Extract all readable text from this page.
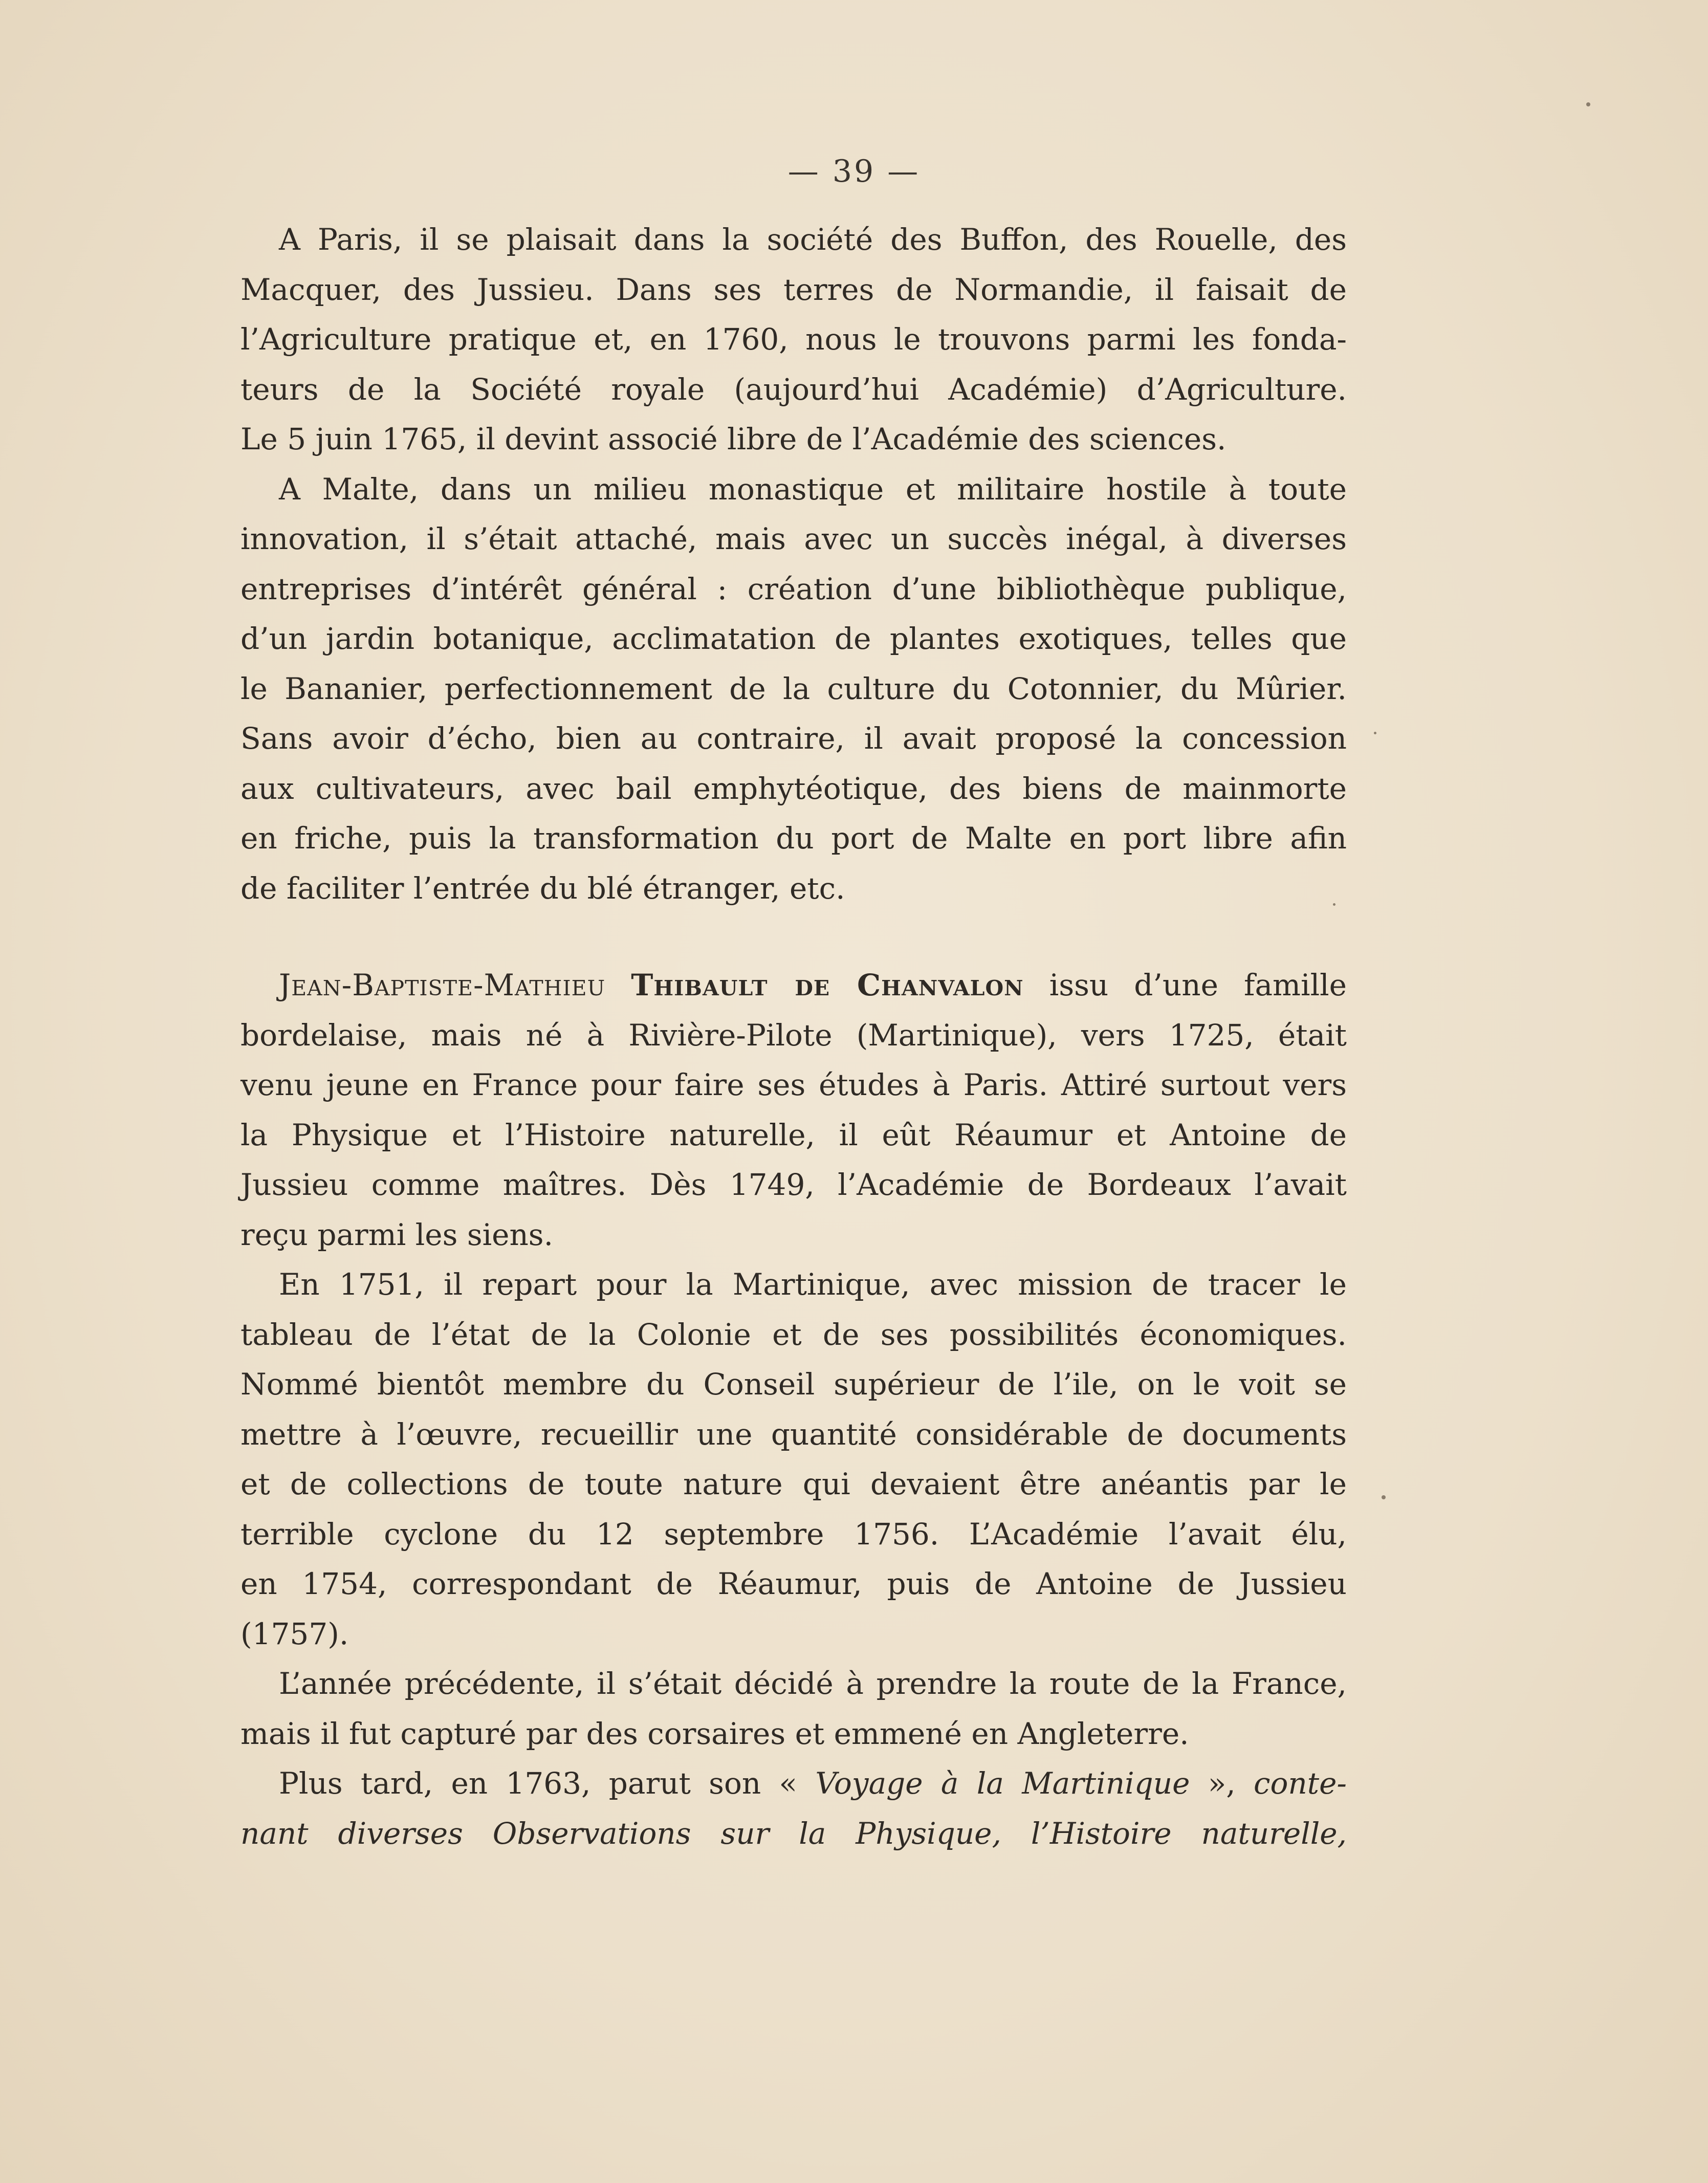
— 39 —
A Paris, il se plaisait dans la société des Buffon, des Rouelle, des
Macquer, des Jussieu. Dans ses terres de Normandie, il faisait de
l’Agriculture pratique et, en 1760, nous le trouvons parmi les fonda-
teurs de la Société royale (aujourd’hui Académie) d’Agriculture.
Le 5 juin 1765, il devint associé libre de l’Académie des sciences.
A Malte, dans un milieu monastique et militaire hostile à toute
innovation, il s’était attaché, mais avec un succès inégal, à diverses
entreprises d’intérêt général : création d’une bibliothèque publique,
d’un jardin botanique, acclimatation de plantes exotiques, telles que
le Bananier, perfectionnement de la culture du Cotonnier, du Mûrier.
Sans avoir d’écho, bien au contraire, il avait proposé la concession
aux cultivateurs, avec bail emphytéotique, des biens de mainmorte
en friche, puis la transformation du port de Malte en port libre afin
de faciliter l’entrée du blé étranger, etc.
Jean-Baptiste-Mathieu Thibault de Chanvalon issu d’une famille
bordelaise, mais né à Rivière-Pilote (Martinique), vers 1725, était
venu jeune en France pour faire ses études à Paris. Attiré surtout vers
la Physique et l’Histoire naturelle, il eût Réaumur et Antoine de
Jussieu comme maîtres. Dès 1749, l’Académie de Bordeaux l’avait
reçu parmi les siens.
En 1751, il repart pour la Martinique, avec mission de tracer le
tableau de l’état de la Colonie et de ses possibilités économiques.
Nommé bientôt membre du Conseil supérieur de l’ile, on le voit se
mettre à l’œuvre, recueillir une quantité considérable de documents
et de collections de toute nature qui devaient être anéantis par le
terrible cyclone du 12 septembre 1756. L’Académie l’avait élu,
en 1754, correspondant de Réaumur, puis de Antoine de Jussieu
(1757).
L’année précédente, il s’était décidé à prendre la route de la France,
mais il fut capturé par des corsaires et emmené en Angleterre.
Plus tard, en 1763, parut son « Voyage à la Martinique », conte-
nant diverses Observations sur la Physique, l’Histoire naturelle,
